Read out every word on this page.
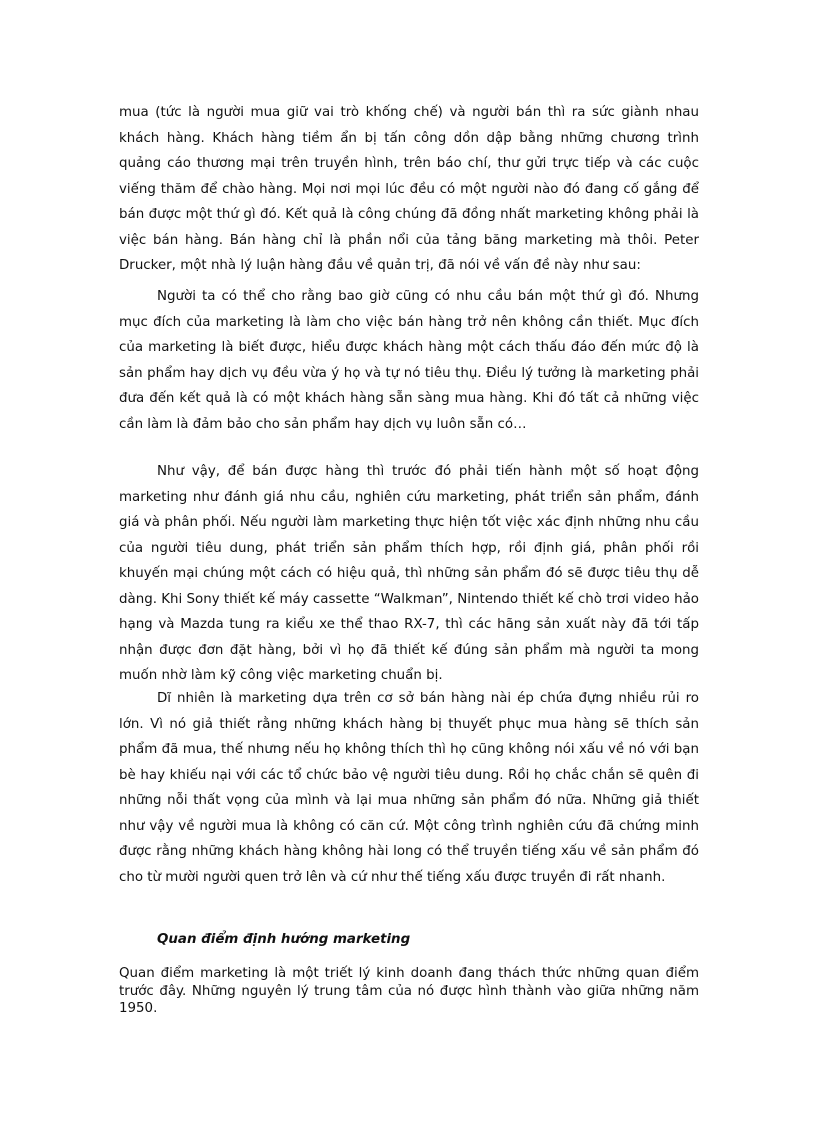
mua (tức là người mua giữ vai trò khống chế) và người bán thì ra sức giành nhau khách hàng. Khách hàng tiềm ẩn bị tấn công dồn dập bằng những chương trình quảng cáo thương mại trên truyền hình, trên báo chí, thư gửi trực tiếp và các cuộc viếng thăm để chào hàng. Mọi nơi mọi lúc đều có một người nào đó đang cố gắng để bán được một thứ gì đó. Kết quả là công chúng đã đồng nhất marketing không phải là việc bán hàng. Bán hàng chỉ là phần nổi của tảng băng marketing mà thôi. Peter Drucker, một nhà lý luận hàng đầu về quản trị, đã nói về vấn đề này như sau:

Người ta có thể cho rằng bao giờ cũng có nhu cầu bán một thứ gì đó. Nhưng mục đích của marketing là làm cho việc bán hàng trở nên không cần thiết. Mục đích của marketing là biết được, hiểu được khách hàng một cách thấu đáo đến mức độ là sản phẩm hay dịch vụ đều vừa ý họ và tự nó tiêu thụ. Điều lý tưởng là marketing phải đưa đến kết quả là có một khách hàng sẵn sàng mua hàng. Khi đó tất cả những việc cần làm là đảm bảo cho sản phẩm hay dịch vụ luôn sẵn có…

Như vậy, để bán được hàng thì trước đó phải tiến hành một số hoạt động marketing như đánh giá nhu cầu, nghiên cứu marketing, phát triển sản phẩm, đánh giá và phân phối. Nếu người làm marketing thực hiện tốt việc xác định những nhu cầu của người tiêu dung, phát triển sản phẩm thích hợp, rồi định giá, phân phối rồi khuyến mại chúng một cách có hiệu quả, thì những sản phẩm đó sẽ được tiêu thụ dễ dàng. Khi Sony thiết kế máy cassette “Walkman”, Nintendo thiết kế chò trơi video hảo hạng và Mazda tung ra kiểu xe thể thao RX-7, thì các hãng sản xuất này đã tới tấp nhận được đơn đặt hàng, bởi vì họ đã thiết kế đúng sản phẩm mà người ta mong muốn nhờ làm kỹ công việc marketing chuẩn bị.

Dĩ nhiên là marketing dựa trên cơ sở bán hàng nài ép chứa đựng nhiều rủi ro lớn. Vì nó giả thiết rằng những khách hàng bị thuyết phục mua hàng sẽ thích sản phẩm đã mua, thế nhưng nếu họ không thích thì họ cũng không nói xấu về nó với bạn bè hay khiếu nại với các tổ chức bảo vệ người tiêu dung. Rồi họ chắc chắn sẽ quên đi những nỗi thất vọng của mình và lại mua những sản phẩm đó nữa. Những giả thiết như vậy về người mua là không có căn cứ. Một công trình nghiên cứu đã chứng minh được rằng những khách hàng không hài long có thể truyền tiếng xấu về sản phẩm đó cho từ mười người quen trở lên và cứ như thế tiếng xấu được truyền đi rất nhanh.

Quan điểm định hướng marketing

Quan điểm marketing là một triết lý kinh doanh đang thách thức những quan điểm trước đây. Những nguyên lý trung tâm của nó được hình thành vào giữa những năm 1950.
